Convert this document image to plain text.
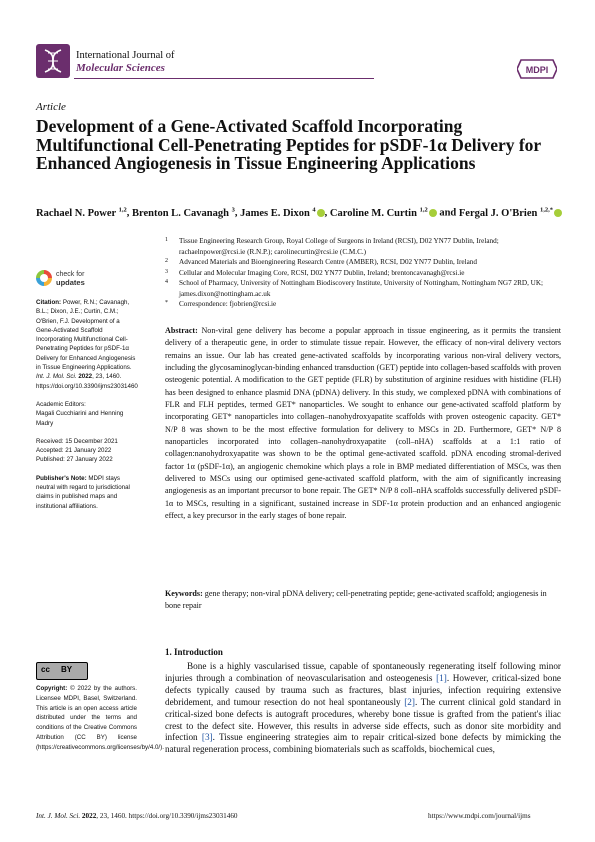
International Journal of
Molecular Sciences	MDPI
Article
Development of a Gene-Activated Scaffold Incorporating Multifunctional Cell-Penetrating Peptides for pSDF-1α Delivery for Enhanced Angiogenesis in Tissue Engineering Applications
Rachael N. Power $^{1,2}$, Brenton L. Cavanagh $^3$, James E. Dixon $^4$ , Caroline M. Curtin $^{1,2}$ and Fergal J. O'Brien $^{1,2,*}$
1 Tissue Engineering Research Group, Royal College of Surgeons in Ireland (RCSI), D02 YN77 Dublin, Ireland; rachaelnpower@rcsi.ie (R.N.P.); carolinecurtin@rcsi.ie (C.M.C.)
2 Advanced Materials and Bioengineering Research Centre (AMBER), RCSI, D02 YN77 Dublin, Ireland
3 Cellular and Molecular Imaging Core, RCSI, D02 YN77 Dublin, Ireland; brentoncavanagh@rcsi.ie
4 School of Pharmacy, University of Nottingham Biodiscovery Institute, University of Nottingham, Nottingham NG7 2RD, UK; james.dixon@nottingham.ac.uk
* Correspondence: fjobrien@rcsi.ie
check for
updates

Citation: Power, R.N.; Cavanagh, B.L.; Dixon, J.E.; Curtin, C.M.; O'Brien, F.J. Development of a Gene-Activated Scaffold Incorporating Multifunctional Cell-Penetrating Peptides for pSDF-1α Delivery for Enhanced Angiogenesis in Tissue Engineering Applications. Int. J. Mol. Sci. 2022, 23, 1460. https://doi.org/10.3390/ijms23031460

Academic Editors:
Magali Cucchiarini and Henning Madry

Received: 15 December 2021
Accepted: 21 January 2022
Published: 27 January 2022

Publisher's Note: MDPI stays neutral with regard to jurisdictional claims in published maps and institutional affiliations.

cc BY
Copyright: © 2022 by the authors. Licensee MDPI, Basel, Switzerland. This article is an open access article distributed under the terms and conditions of the Creative Commons Attribution (CC BY) license (https://creativecommons.org/licenses/by/4.0/).
Abstract: Non-viral gene delivery has become a popular approach in tissue engineering, as it permits the transient delivery of a therapeutic gene, in order to stimulate tissue repair. However, the efficacy of non-viral delivery vectors remains an issue. Our lab has created gene-activated scaffolds by incorporating various non-viral delivery vectors, including the glycosaminoglycan-binding enhanced transduction (GET) peptide into collagen-based scaffolds with proven osteogenic potential. A modification to the GET peptide (FLR) by substitution of arginine residues with histidine (FLH) has been designed to enhance plasmid DNA (pDNA) delivery. In this study, we complexed pDNA with combinations of FLR and FLH peptides, termed GET* nanoparticles. We sought to enhance our gene-activated scaffold platform by incorporating GET* nanoparticles into collagen–nanohydroxyapatite scaffolds with proven osteogenic capacity. GET* N/P 8 was shown to be the most effective formulation for delivery to MSCs in 2D. Furthermore, GET* N/P 8 nanoparticles incorporated into collagen–nanohydroxyapatite (coll–nHA) scaffolds at a 1:1 ratio of collagen:nanohydroxyapatite was shown to be the optimal gene-activated scaffold. pDNA encoding stromal-derived factor 1α (pSDF-1α), an angiogenic chemokine which plays a role in BMP mediated differentiation of MSCs, was then delivered to MSCs using our optimised gene-activated scaffold platform, with the aim of significantly increasing angiogenesis as an important precursor to bone repair. The GET* N/P 8 coll–nHA scaffolds successfully delivered pSDF-1α to MSCs, resulting in a significant, sustained increase in SDF-1α protein production and an enhanced angiogenic effect, a key precursor in the early stages of bone repair.
Keywords: gene therapy; non-viral pDNA delivery; cell-penetrating peptide; gene-activated scaffold; angiogenesis in bone repair
1. Introduction
Bone is a highly vascularised tissue, capable of spontaneously regenerating itself following minor injuries through a combination of neovascularisation and osteogenesis [1]. However, critical-sized bone defects typically caused by trauma such as fractures, blast injuries, infection requiring extensive debridement, and tumour resection do not heal spontaneously [2]. The current clinical gold standard in critical-sized bone defects is autograft procedures, whereby bone tissue is grafted from the patient's iliac crest to the defect site. However, this results in adverse side effects, such as donor site morbidity and infection [3]. Tissue engineering strategies aim to repair critical-sized bone defects by mimicking the natural regeneration process, combining biomaterials such as scaffolds, biochemical cues,
Int. J. Mol. Sci. 2022, 23, 1460. https://doi.org/10.3390/ijms23031460	https://www.mdpi.com/journal/ijms
